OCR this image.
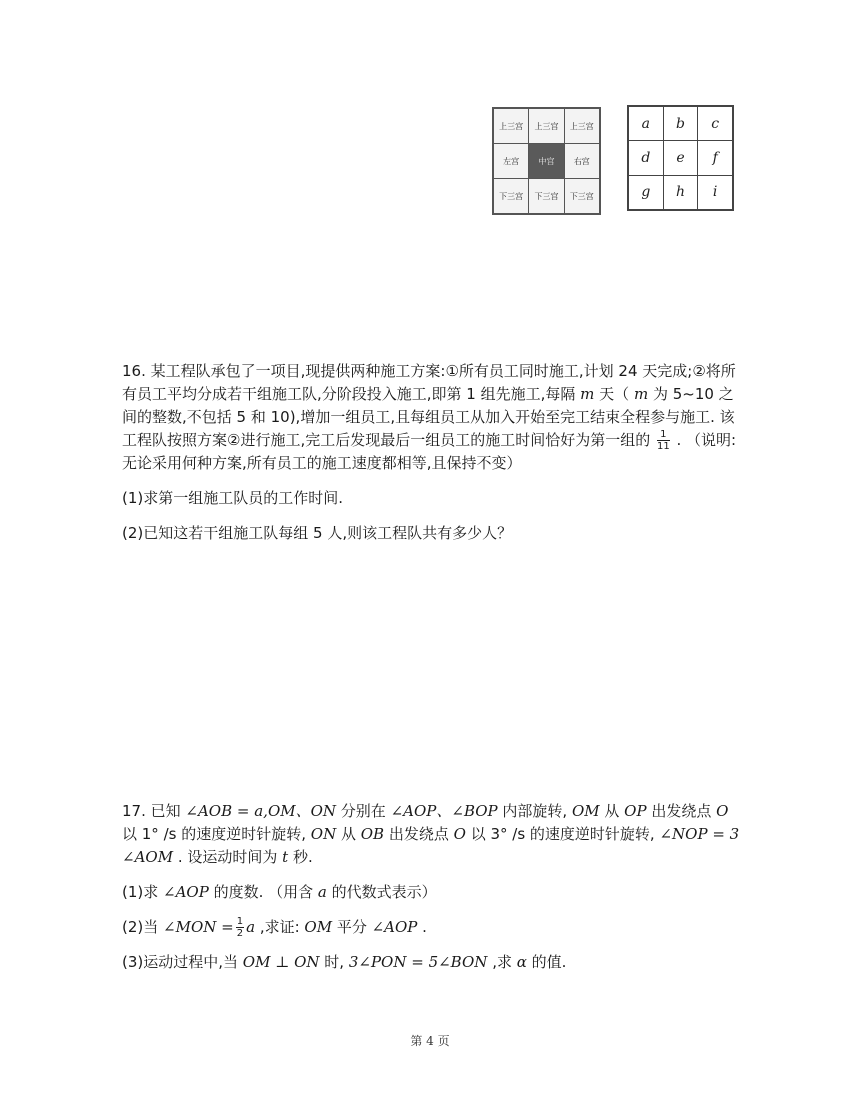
上三宫	上三宫	上三宫
左宫	中宫	右宫
下三宫	下三宫	下三宫
a	b	c
d	e	f
g	h	i

16. 某工程队承包了一项目,现提供两种施工方案:①所有员工同时施工,计划 24 天完成;②将所有员工平均分成若干组施工队,分阶段投入施工,即第 1 组先施工,每隔 m 天（ m 为 5~10 之间的整数,不包括 5 和 10),增加一组员工,且每组员工从加入开始至完工结束全程参与施工. 该工程队按照方案②进行施工,完工后发现最后一组员工的施工时间恰好为第一组的 $\frac{1}{11}$ . （说明:无论采用何种方案,所有员工的施工速度都相等,且保持不变）

(1)求第一组施工队员的工作时间.

(2)已知这若干组施工队每组 5 人,则该工程队共有多少人？

17. 已知 ∠AOB = a,OM、ON 分别在 ∠AOP、∠BOP 内部旋转, OM 从 OP 出发绕点 O 以 1° /s 的速度逆时针旋转, ON 从 OB 出发绕点 O 以 3° /s 的速度逆时针旋转, ∠NOP = 3 ∠AOM . 设运动时间为 t 秒.

(1)求 ∠AOP 的度数. （用含 a 的代数式表示）

(2)当 ∠MON = $\frac{1}{2}$ a ,求证: OM 平分 ∠AOP .

(3)运动过程中,当 OM ⊥ ON 时, 3∠PON = 5∠BON ,求 α 的值.

第 4 页
